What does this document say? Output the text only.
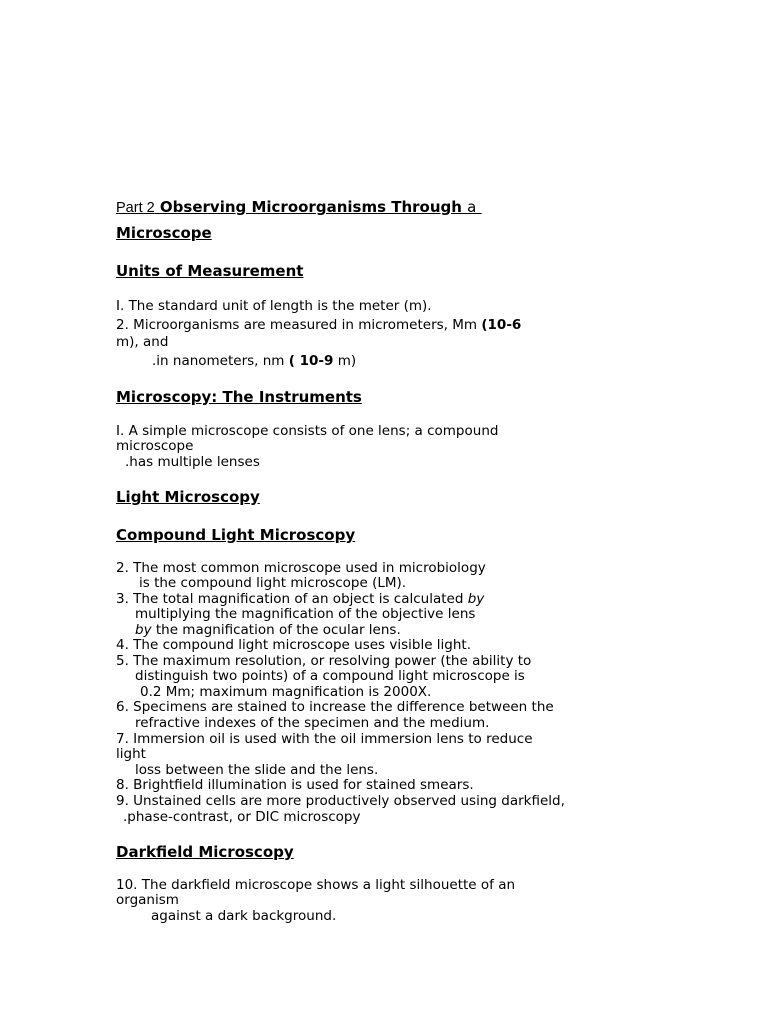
Part 2 Observing Microorganisms Through a
Microscope
Units of Measurement
I. The standard unit of length is the meter (m).
2. Microorganisms are measured in micrometers, Mm (10-6
m), and
.in nanometers, nm ( 10-9 m)
Microscopy: The Instruments
I. A simple microscope consists of one lens; a compound
microscope
.has multiple lenses
Light Microscopy
Compound Light Microscopy
2. The most common microscope used in microbiology
is the compound light microscope (LM).
3. The total magnification of an object is calculated by
multiplying the magnification of the objective lens
by the magnification of the ocular lens.
4. The compound light microscope uses visible light.
5. The maximum resolution, or resolving power (the ability to
distinguish two points) of a compound light microscope is
0.2 Mm; maximum magnification is 2000X.
6. Specimens are stained to increase the difference between the
refractive indexes of the specimen and the medium.
7. Immersion oil is used with the oil immersion lens to reduce
light
loss between the slide and the lens.
8. Brightfield illumination is used for stained smears.
9. Unstained cells are more productively observed using darkfield,
.phase-contrast, or DIC microscopy
Darkfield Microscopy
10. The darkfield microscope shows a light silhouette of an
organism
against a dark background.
